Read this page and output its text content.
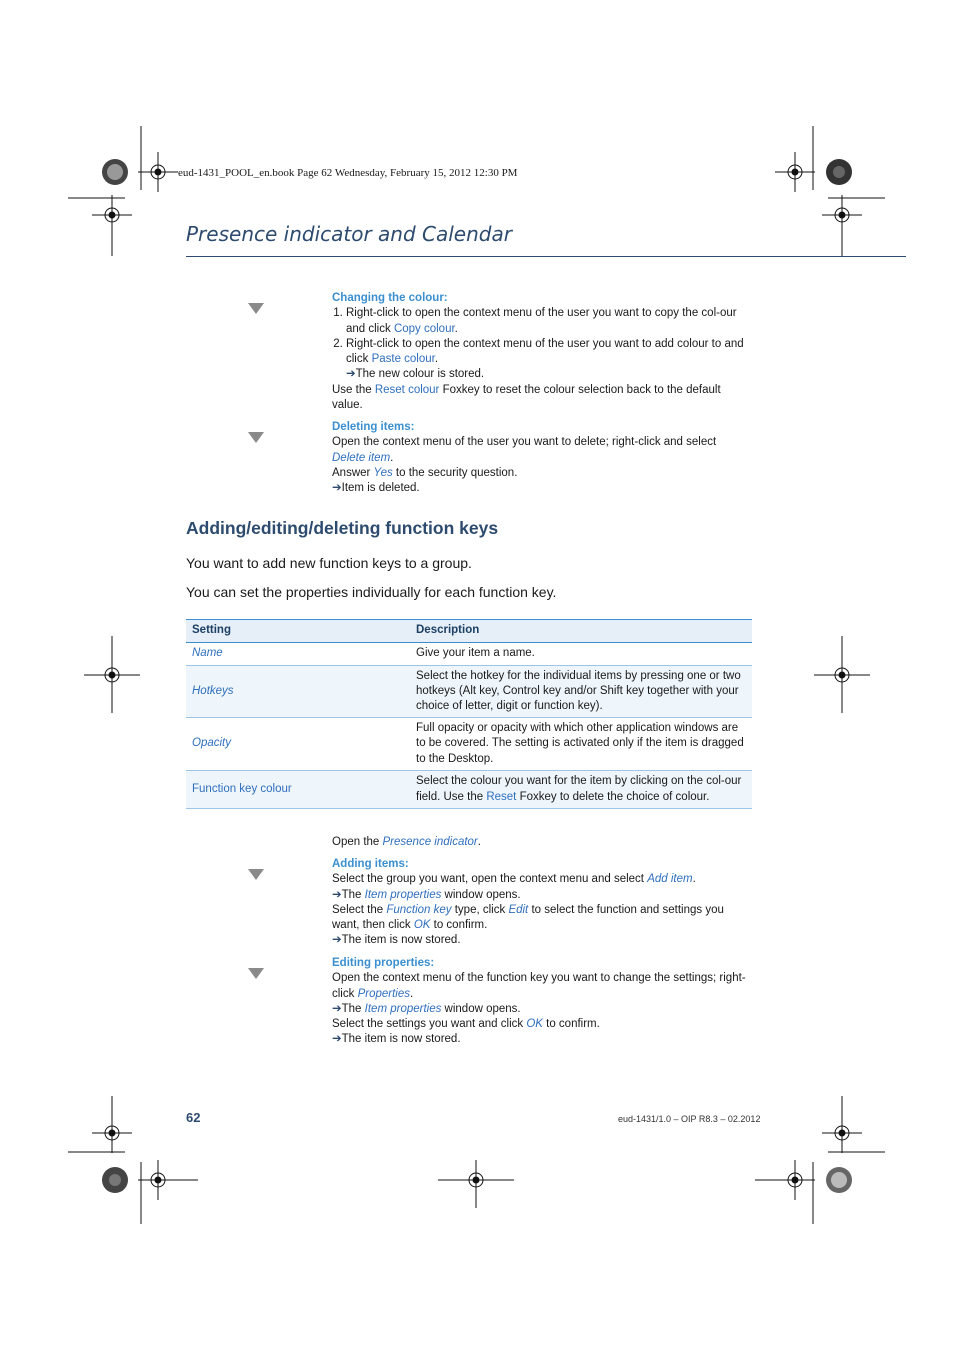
eud-1431_POOL_en.book Page 62 Wednesday, February 15, 2012 12:30 PM
Presence indicator and Calendar

Changing the colour:

1. Right-click to open the context menu of the user you want to copy the col-our and click Copy colour.
2. Right-click to open the context menu of the user you want to add colour to and click Paste colour.

➔The new colour is stored.

Use the Reset colour Foxkey to reset the colour selection back to the default value.

Deleting items:

Open the context menu of the user you want to delete; right-click and select Delete item.

Answer Yes to the security question.

➔Item is deleted.

Adding/editing/deleting function keys
You want to add new function keys to a group.
You can set the properties individually for each function key.
Setting	Description
Name	Give your item a name.
Hotkeys	Select the hotkey for the individual items by pressing one or two hotkeys (Alt key, Control key and/or Shift key together with your choice of letter, digit or function key).
Opacity	Full opacity or opacity with which other application windows are to be covered. The setting is activated only if the item is dragged to the Desktop.
Function key colour	Select the colour you want for the item by clicking on the col-our field. Use the Reset Foxkey to delete the choice of colour.

Open the Presence indicator.

Adding items:

Select the group you want, open the context menu and select Add item.

➔The Item properties window opens.

Select the Function key type, click Edit to select the function and settings you want, then click OK to confirm.

➔The item is now stored.

Editing properties:

Open the context menu of the function key you want to change the settings; right-click Properties.

➔The Item properties window opens.

Select the settings you want and click OK to confirm.

➔The item is now stored.

62	eud-1431/1.0 – OIP R8.3 – 02.2012
